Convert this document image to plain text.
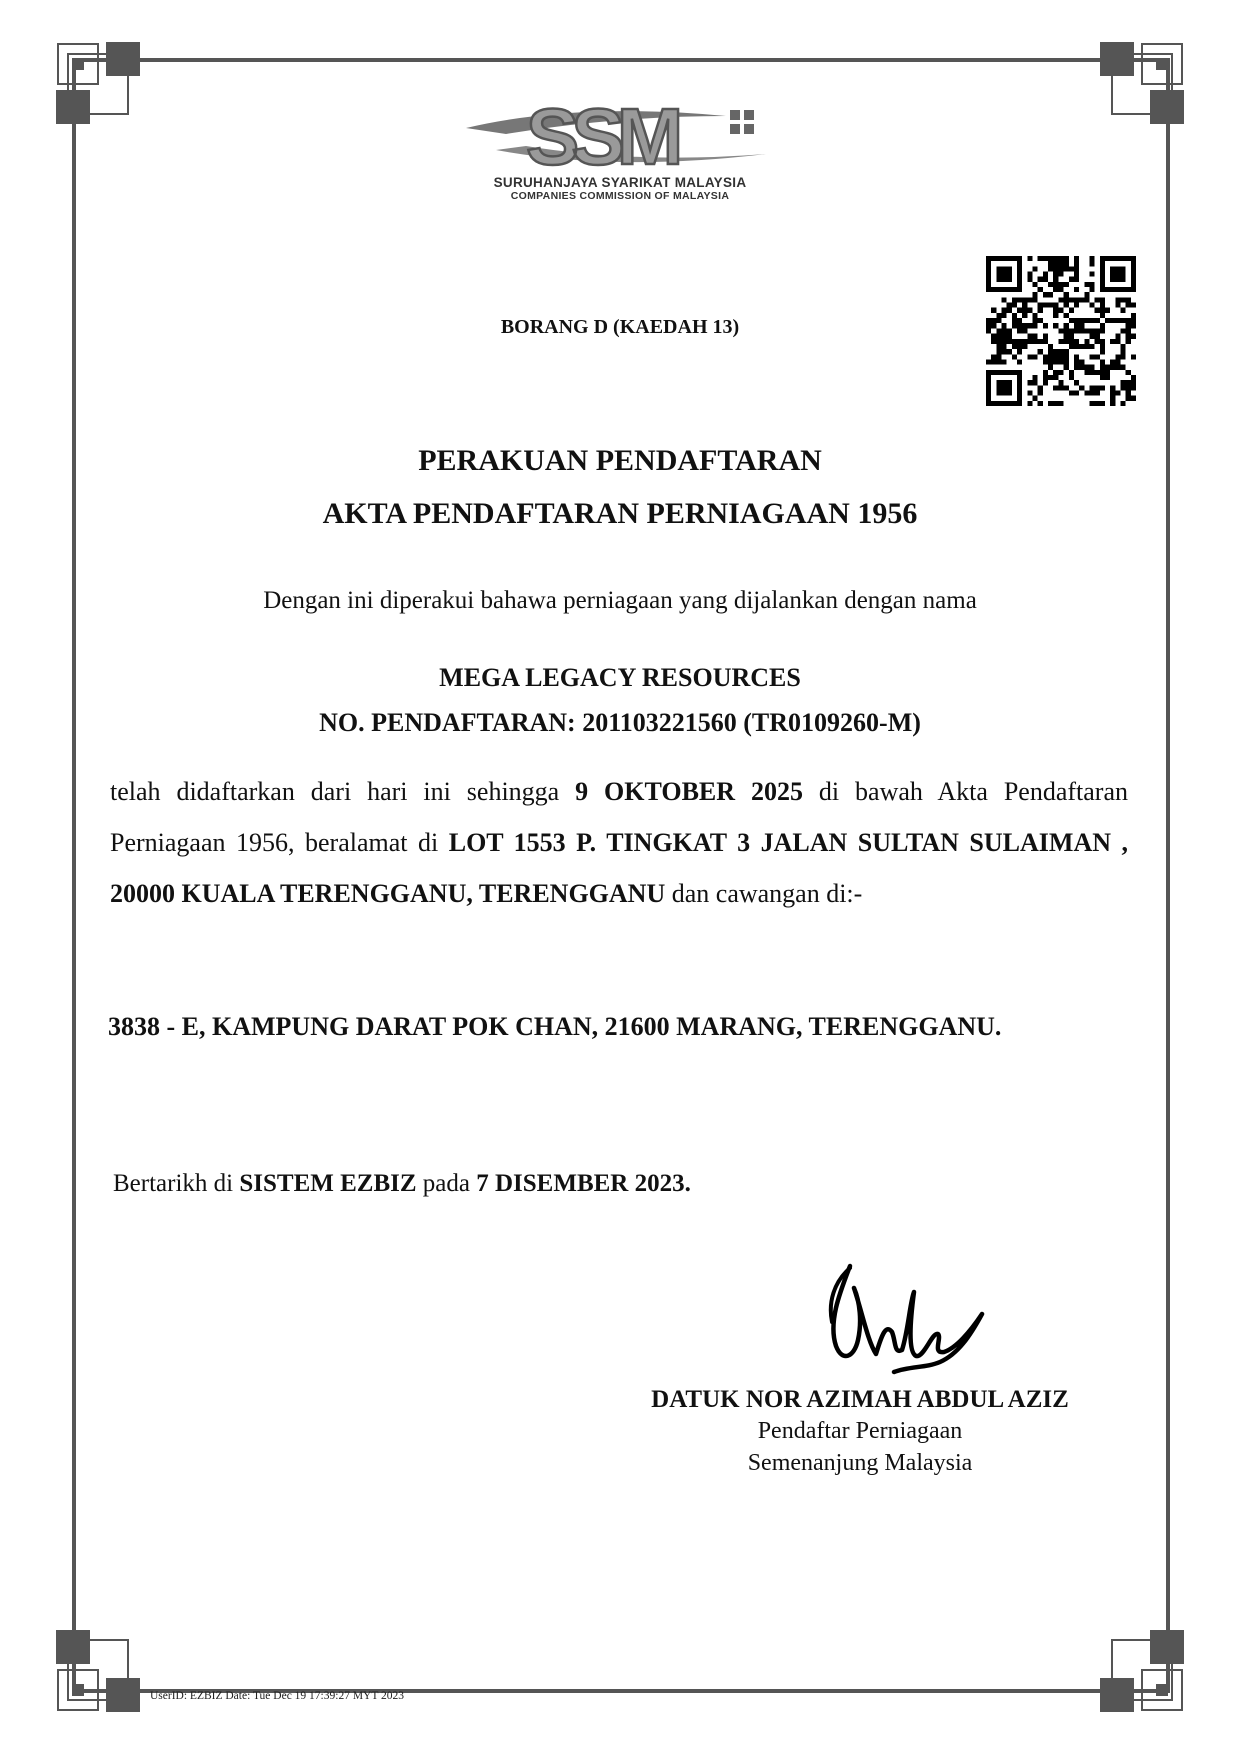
SSM
SURUHANJAYA SYARIKAT MALAYSIA
COMPANIES COMMISSION OF MALAYSIA
BORANG D (KAEDAH 13)
PERAKUAN PENDAFTARAN
AKTA PENDAFTARAN PERNIAGAAN 1956
Dengan ini diperakui bahawa perniagaan yang dijalankan dengan nama
MEGA LEGACY RESOURCES
NO. PENDAFTARAN: 201103221560 (TR0109260-M)
telah didaftarkan dari hari ini sehingga 9 OKTOBER 2025 di bawah Akta Pendaftaran Perniagaan 1956, beralamat di LOT 1553 P. TINGKAT 3 JALAN SULTAN SULAIMAN , 20000 KUALA TERENGGANU, TERENGGANU dan cawangan di:-
3838 - E, KAMPUNG DARAT POK CHAN, 21600 MARANG, TERENGGANU.
Bertarikh di SISTEM EZBIZ pada 7 DISEMBER 2023.
DATUK NOR AZIMAH ABDUL AZIZ
Pendaftar Perniagaan
Semenanjung Malaysia
UserID: EZBIZ Date: Tue Dec 19 17:39:27 MYT 2023
